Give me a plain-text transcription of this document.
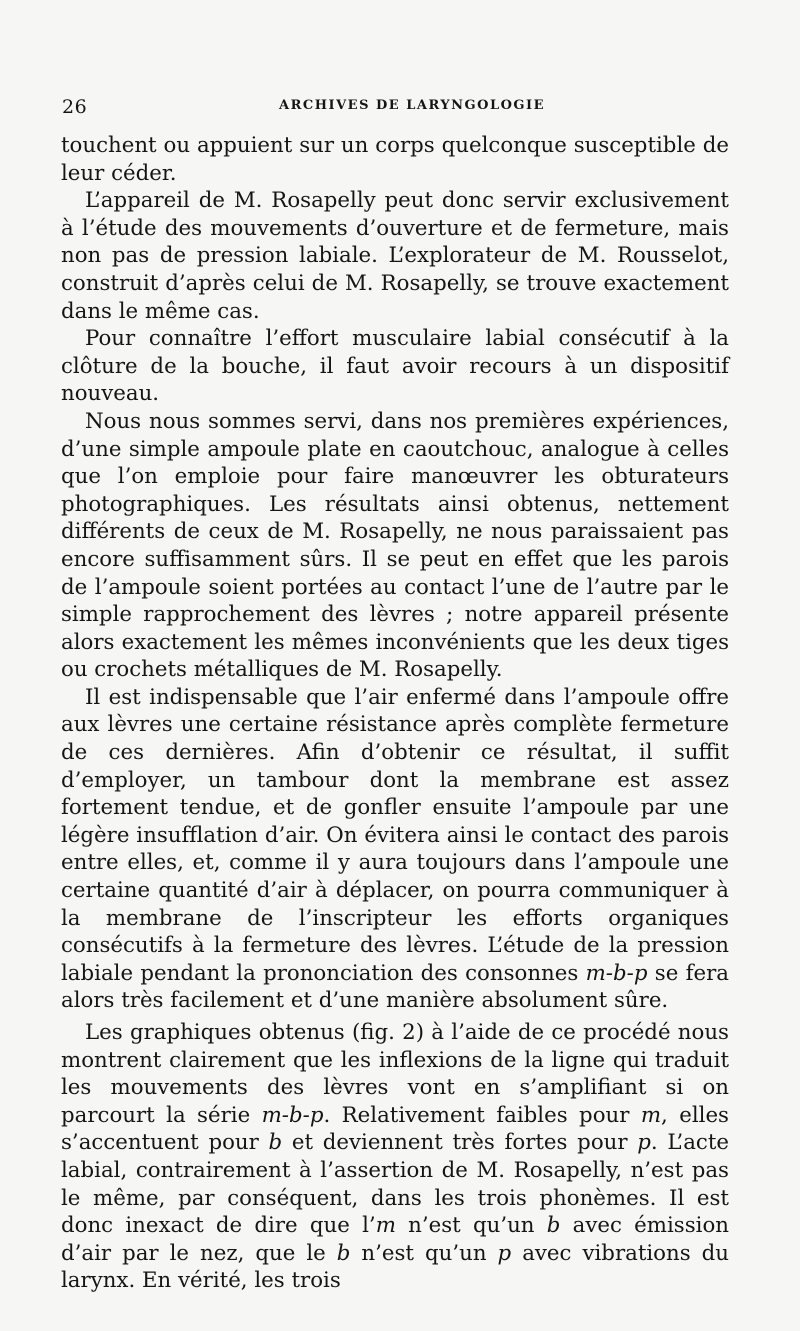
26	ARCHIVES DE LARYNGOLOGIE

touchent ou appuient sur un corps quelconque susceptible de leur céder.

L’appareil de M. Rosapelly peut donc servir exclusivement à l’étude des mouvements d’ouverture et de fermeture, mais non pas de pression labiale. L’explorateur de M. Rousselot, construit d’après celui de M. Rosapelly, se trouve exactement dans le même cas.

Pour connaître l’effort musculaire labial consécutif à la clôture de la bouche, il faut avoir recours à un dispositif nouveau.

Nous nous sommes servi, dans nos premières expériences, d’une simple ampoule plate en caoutchouc, analogue à celles que l’on emploie pour faire manœuvrer les obturateurs photographiques. Les résultats ainsi obtenus, nettement différents de ceux de M. Rosapelly, ne nous paraissaient pas encore suffisamment sûrs. Il se peut en effet que les parois de l’ampoule soient portées au contact l’une de l’autre par le simple rapprochement des lèvres ; notre appareil présente alors exactement les mêmes inconvénients que les deux tiges ou crochets métalliques de M. Rosapelly.

Il est indispensable que l’air enfermé dans l’ampoule offre aux lèvres une certaine résistance après complète fermeture de ces dernières. Afin d’obtenir ce résultat, il suffit d’employer, un tambour dont la membrane est assez fortement tendue, et de gonfler ensuite l’ampoule par une légère insufflation d’air. On évitera ainsi le contact des parois entre elles, et, comme il y aura toujours dans l’ampoule une certaine quantité d’air à déplacer, on pourra communiquer à la membrane de l’inscripteur les efforts organiques consécutifs à la fermeture des lèvres. L’étude de la pression labiale pendant la prononciation des consonnes m-b-p se fera alors très facilement et d’une manière absolument sûre.

Les graphiques obtenus (fig. 2) à l’aide de ce procédé nous montrent clairement que les inflexions de la ligne qui traduit les mouvements des lèvres vont en s’amplifiant si on parcourt la série m-b-p. Relativement faibles pour m, elles s’accentuent pour b et deviennent très fortes pour p. L’acte labial, contrairement à l’assertion de M. Rosapelly, n’est pas le même, par conséquent, dans les trois phonèmes. Il est donc inexact de dire que l’m n’est qu’un b avec émission d’air par le nez, que le b n’est qu’un p avec vibrations du larynx. En vérité, les trois
